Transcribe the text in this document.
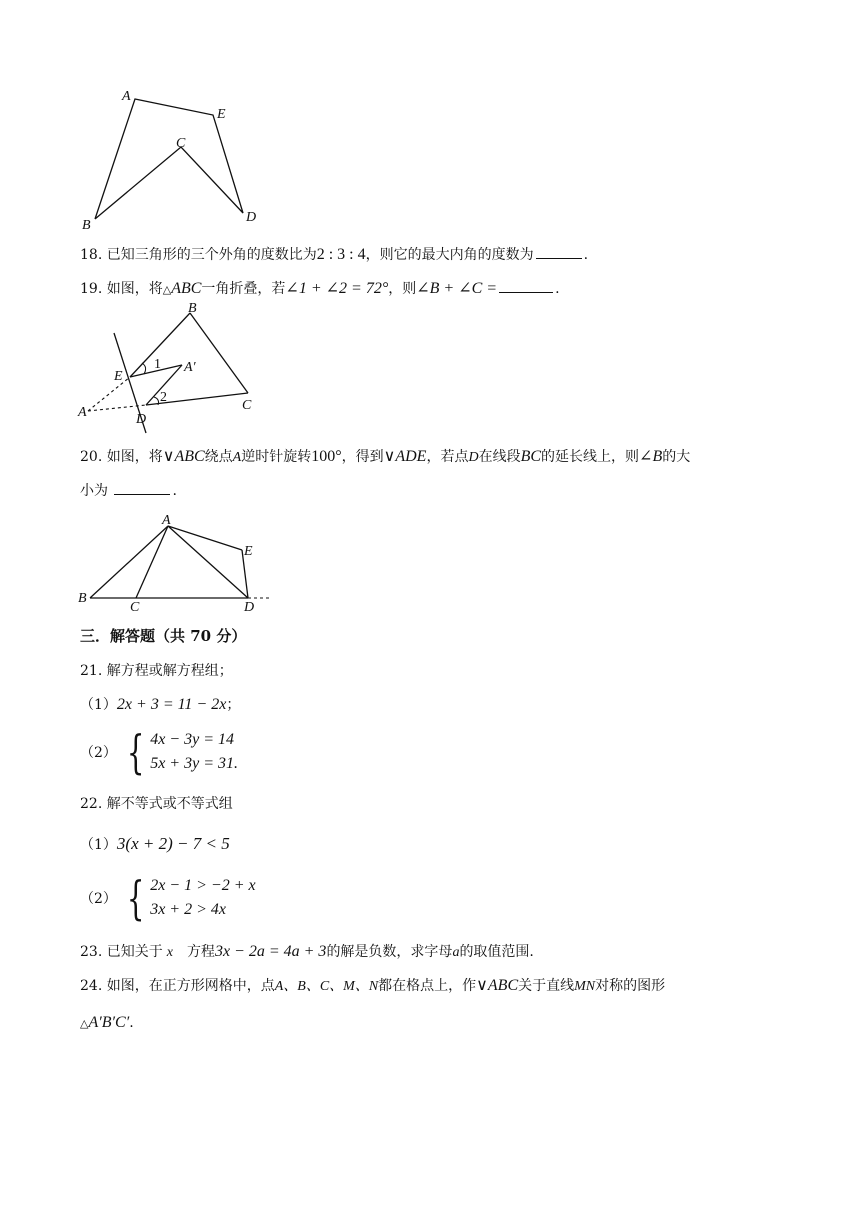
A
E
C
B
D
18. 已知三角形的三个外角的度数比为2 : 3 : 4，则它的最大内角的度数为	.
19. 如图，将△ABC一角折叠，若∠1 + ∠2 = 72°，则∠B + ∠C =	.
B
A′
E
1
2
A	D
C
20. 如图，将∨ABC绕点A逆时针旋转100°，得到∨ADE，若点D在线段BC的延长线上，则∠B的大
小为	.
A
E
B
C	D
三．解答题（共 70 分）
21. 解方程或解方程组；
（1）2x + 3 = 11 − 2x；
（2） { 4x − 3y = 14
5x + 3y = 31.
22. 解不等式或不等式组
（1）3(x + 2) − 7 < 5
（2） { 2x − 1 > −2 + x
3x + 2 > 4x
23. 已知关于 x 方程3x − 2a = 4a + 3的解是负数，求字母a的取值范围.
24. 如图，在正方形网格中，点A、B、C、M、N都在格点上，作∨ABC关于直线MN对称的图形
△A′B′C′.
